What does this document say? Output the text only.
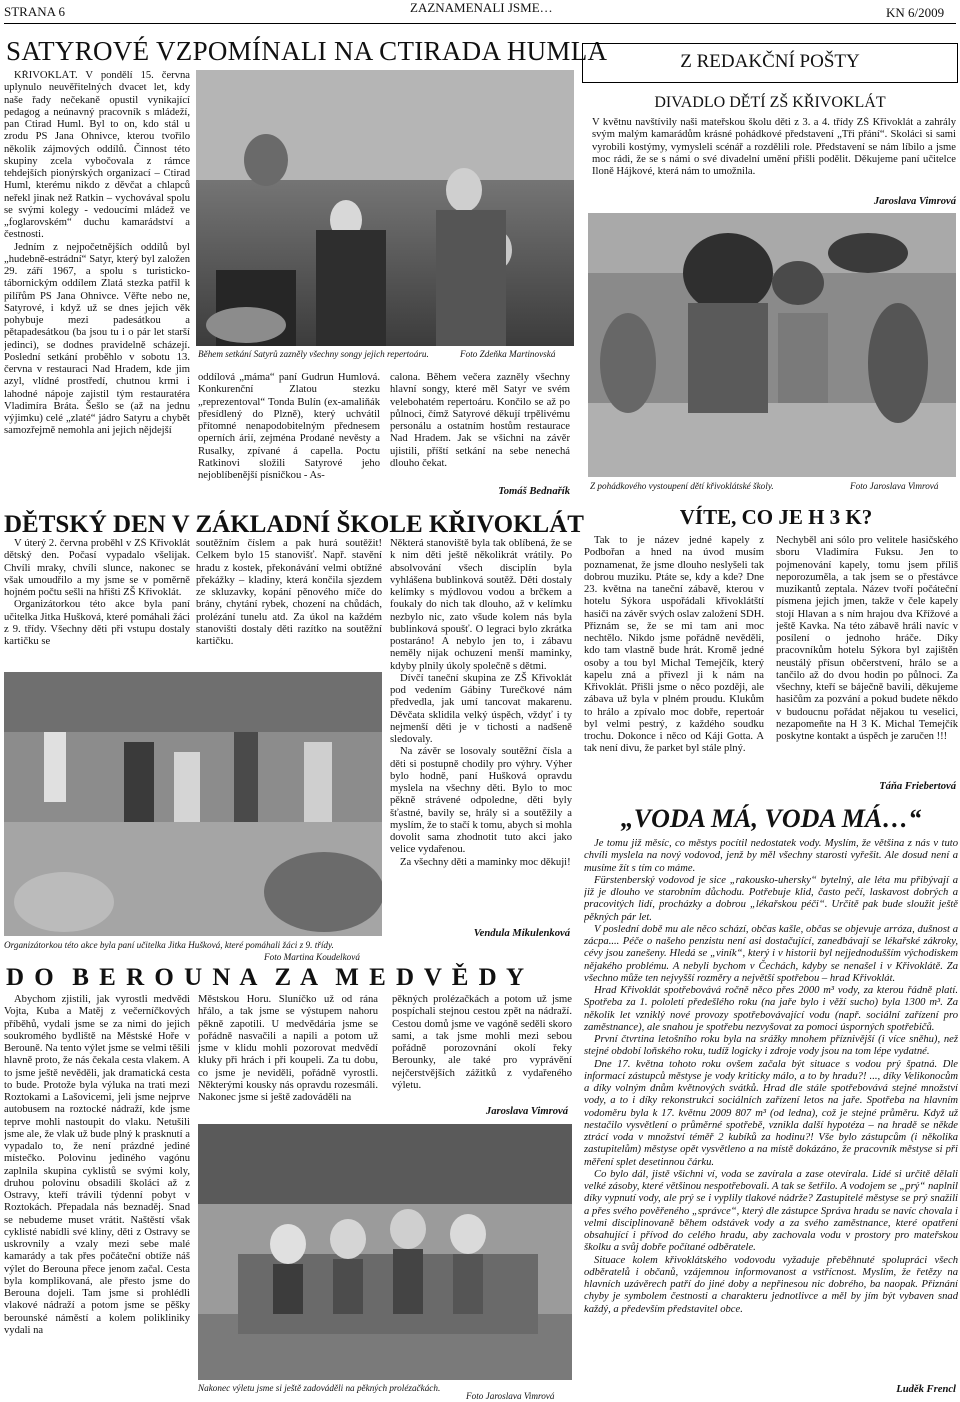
STRANA 6	ZAZNAMENALI JSME…	KN 6/2009
SATYROVÉ VZPOMÍNALI NA CTIRADA HUMLA

KŘIVOKLÁT. V pondělí 15. června uplynulo neuvěřitelných dvacet let, kdy naše řady nečekaně opustil vynikající pedagog a neúnavný pracovník s mládeží, pan Ctirad Huml. Byl to on, kdo stál u zrodu PS Jana Ohnivce, kterou tvořilo několik zájmových oddílů. Činnost této skupiny zcela vybočovala z rámce tehdejších pionýrských organizací – Ctirad Huml, kterému nikdo z děvčat a chlapců neřekl jinak než Ratkin – vychovával spolu se svými kolegy - vedoucími mládež ve „foglarovském“ duchu kamarádství a čestnosti.

Jedním z nejpočetnějších oddílů byl „hudebně-estrádní“ Satyr, který byl založen 29. září 1967, a spolu s turisticko-tábornickým oddílem Zlatá stezka patřil k pilířům PS Jana Ohnivce. Věřte nebo ne, Satyrové, i když už se dnes jejich věk pohybuje mezi padesátkou a pětapadesátkou (ba jsou tu i o pár let starší jedinci), se dodnes pravidelně scházejí. Poslední setkání proběhlo v sobotu 13. června v restauraci Nad Hradem, kde jim azyl, vlídné prostředí, chutnou krmi i lahodné nápoje zajistil tým restauratéra Vladimíra Bráta. Šešlo se (až na jednu výjimku) celé „zlaté“ jádro Satyru a chybět samozřejmě nemohla ani jejich nějdejší

Během setkání Satyrů zazněly všechny songy jejich repertoáru.	Foto Zdeňka Martinovská

oddílová „máma“ paní Gudrun Humlová. Konkurenční Zlatou stezku „reprezentoval“ Tonda Bulín (ex-amaliňák přesídlený do Plzně), který uchvátil přítomné nenapodobitelným přednesem operních árií, zejména Prodané nevěsty a Rusalky, zpívané á capella. Poctu Ratkinovi složili Satyrové jeho nejoblíbenější písničkou - As-

calona. Během večera zazněly všechny hlavní songy, které měl Satyr ve svém velebohatém repertoáru. Končilo se až po půlnoci, čímž Satyrové děkují trpělivému personálu a ostatním hostům restaurace Nad Hradem. Jak se všichni na závěr ujistili, příští setkání na sebe nenechá dlouho čekat.

Tomáš Bednařík
Z REDAKČNÍ POŠTY
DIVADLO DĚTÍ ZŠ KŘIVOKLÁT

V květnu navštívily naši mateřskou školu děti z 3. a 4. třídy ZŠ Křivoklát a zahrály svým malým kamarádům krásné pohádkové představení „Tři přání“. Skoláci si sami vyrobili kostýmy, vymysleli scénář a rozdělili role. Představení se nám líbilo a jsme moc rádi, že se s námi o své divadelní umění přišli podělit. Děkujeme paní učitelce Iloně Hájkové, která nám to umožnila.

Jaroslava Vimrová
Z pohádkového vystoupení dětí křivoklátské školy.	Foto Jaroslava Vimrová
DĚTSKÝ DEN V ZÁKLADNÍ ŠKOLE KŘIVOKLÁT

V úterý 2. června proběhl v ZŠ Křivoklát dětský den. Počasí vypadalo všelijak. Chvíli mraky, chvíli slunce, nakonec se však umoudřilo a my jsme se v poměrně hojném počtu sešli na hřišti ZŠ Křivoklát.

Organizátorkou této akce byla paní učitelka Jitka Hušková, které pomáhali žáci z 9. třídy. Všechny děti při vstupu dostaly kartičku se

soutěžním číslem a pak hurá soutěžit! Celkem bylo 15 stanovišť. Např. stavění hradu z kostek, překonávání velmi obtížné překážky – kladiny, která končila sjezdem ze skluzavky, kopání pěnového míče do brány, chytání rybek, chození na chůdách, prolézání tunelu atd. Za úkol na každém stanovišti dostaly děti razítko na soutěžní kartičku.

Některá stanoviště byla tak oblíbená, že se k nim děti ještě několikrát vrátily. Po absolvování všech disciplín byla vyhlášena bublinková soutěž. Děti dostaly kelímky s mýdlovou vodou a brčkem a foukaly do nich tak dlouho, až v kelímku nezbylo nic, zato všude kolem nás byla bublinková spoušť. O legraci bylo zkrátka postaráno! A nebylo jen to, i zábavu neměly nijak ochuzeni menší maminky, kdyby plnily úkoly společně s dětmi.

Dívčí taneční skupina ze ZŠ Křivoklát pod vedením Gábiny Turečkové nám předvedla, jak umí tancovat makarenu. Děvčata sklidila velký úspěch, vždyť i ty nejmenší děti je v tichosti a nadšeně sledovaly.

Na závěr se losovaly soutěžní čísla a děti si postupně chodily pro výhry. Výher bylo hodně, paní Hušková opravdu myslela na všechny děti. Bylo to moc pěkně strávené odpoledne, děti byly šťastné, bavily se, hrály si a soutěžily a myslím, že to stačí k tomu, abych si mohla dovolit sama zhodnotit tuto akci jako velice vydařenou.

Za všechny děti a maminky moc děkuji!

Vendula Mikulenková
Organizátorkou této akce byla paní učitelka Jitka Hušková, které pomáhali žáci z 9. třídy.
Foto Martina Koudelková
VÍTE, CO JE H 3 K?

Tak to je název jedné kapely z Podbořan a hned na úvod musím poznamenat, že jsme dlouho neslyšeli tak dobrou muziku. Ptáte se, kdy a kde? Dne 23. května na taneční zábavě, kterou v hotelu Sýkora uspořádali křivoklátští hasiči na závěr svých oslav založení SDH. Přiznám se, že se mi tam ani moc nechtělo. Nikdo jsme pořádně nevěděli, kdo tam vlastně bude hrát. Kromě jedné osoby a tou byl Michal Temejčík, který kapelu zná a přivezl ji k nám na Křivoklát. Přišli jsme o něco později, ale zábava už byla v plném proudu. Klukům to hrálo a zpívalo moc dobře, repertoár byl velmi pestrý, z každého soudku trochu. Dokonce i něco od Káji Gotta. A tak není divu, že parket byl stále plný.

Nechyběl ani sólo pro velitele hasičského sboru Vladimíra Fuksu. Jen to pojmenování kapely, tomu jsem příliš neporozuměla, a tak jsem se o přestávce muzikantů zeptala. Název tvoří počáteční písmena jejich jmen, takže v čele kapely stojí Hlavan a s ním hrajou dva Křížové a ještě Kavka. Na této zábavě hráli navíc v posílení o jednoho hráče. Díky pracovníkům hotelu Sýkora byl zajištěn neustálý přísun občerstvení, hrálo se a tančilo až do dvou hodin po půlnoci. Za všechny, kteří se báječně bavili, děkujeme hasičům za pozvání a pokud budete někdo v budoucnu pořádat nějakou tu veselici, nezapomeňte na H 3 K. Michal Temejčík poskytne kontakt a úspěch je zaručen !!!

Táňa Friebertová
„VODA MÁ, VODA MÁ…“

Je tomu již měsíc, co městys pocítil nedostatek vody. Myslím, že většina z nás v tuto chvíli myslela na nový vodovod, jenž by měl všechny starosti vyřešit. Ale dosud není a musíme žít s tím co máme.

Fürstenberský vodovod je sice „rakousko-uhersky“ bytelný, ale léta mu přibývají a již je dlouho ve starobním důchodu. Potřebuje klid, často pečí, laskavost dobrých a pracovitých lidí, procházky a dobrou „lékařskou péči“. Určitě pak bude sloužit ještě pěkných pár let.

V poslední době mu ale něco schází, občas kašle, občas se objevuje arróza, dušnost a zácpa.... Péče o našeho penzistu není asi dostačující, zanedbávají se lékařské zákroky, cévy jsou zanešeny. Hledá se „viník“, který i v historii byl nejjednodušším východiskem nějakého problému. A nebyli bychom v Čechách, kdyby se nenašel i v Křivoklátě. Za všechno může ten nejvyšší rozměry a největší spotřebou – hrad Křivoklát.

Hrad Křivoklát spotřebovává ročně něco přes 2000 m³ vody, za kterou řádně platí. Spotřeba za 1. pololetí předešlého roku (na jaře bylo i věží sucho) byla 1300 m³. Za několik let vzniklý nové provozy spotřebovávající vodu (např. sociální zařízení pro zaměstnance), ale snahou je spotřebu nezvyšovat za pomoci úsporných spotřebičů.

První čtvrtina letošního roku byla na srážky mnohem příznivější (i více sněhu), než stejné období loňského roku, tudíž logicky i zdroje vody jsou na tom lépe vydatné.

Dne 17. května tohoto roku ovšem začala být situace s vodou prý špatná. Dle informací zástupců městyse je vody kriticky málo, a to by hradu?! ..., díky Velikonocům a díky volným dnům květnových svátků. Hrad dle stále spotřebovává stejné množství vody, a to i díky rekonstrukci sociálních zařízení letos na jaře. Spotřeba na hlavním vodoměru byla k 17. květnu 2009 807 m³ (od ledna), což je stejné průměru. Když už nestačilo vysvětlení o průměrné spotřebě, vznikla další hypotéza – na hradě se někde ztrácí voda v množství téměř 2 kubíků za hodinu?! Vše bylo zástupcům (i několika zastupitelům) městyse opět vysvětleno a na místě dokázáno, že pracovník městyse si při měření splet desetinnou čárku.

Co bylo dál, jistě všichni ví, voda se zavírala a zase otevírala. Lidé si určitě dělali velké zásoby, které většinou nespotřebovali. A tak se šetřilo. A vodojem se „prý“ naplnil díky vypnutí vody, ale prý se i vyplily tlakové nádrže? Zastupitelé městyse se prý snažili a přes svého pověřeného „správce“, který dle zástupce Správa hradu se navíc chovala i velmi disciplinovaně během odstávek vody a za svého zaměstnance, které opatření obsahující i přívod do celého hradu, aby zachovala vodu v prostory pro mateřskou školku a svůj dobře počítané odběratele.

Situace kolem křivoklátského vodovodu vyžaduje přeběhnuté spolupráci všech odběratelů i občanů, vzájemnou informovanost a vstřícnost. Myslím, že řetězy na hlavních uzávěrech patří do jiné doby a nepřinesou nic dobrého, ba naopak. Přiznání chyby je symbolem čestnosti a charakteru jednotlivce a měl by jím být vybaven snad každý, a především představitel obce.

Luděk Frencl
D O  B E R O U N A  Z A  M E D V Ě D Y

Abychom zjistili, jak vyrostli medvědi Vojta, Kuba a Matěj z večerníčkových příběhů, vydali jsme se za nimi do jejich soukromého bydliště na Městské Hoře v Berouně. Na tento výlet jsme se velmi těšili hlavně proto, že nás čekala cesta vlakem. A to jsme ještě nevěděli, jak dramatická cesta to bude. Protože byla výluka na trati mezi Roztokami a Lašovicemi, jeli jsme nejprve autobusem na roztocké nádraží, kde jsme teprve mohli nastoupit do vlaku. Netušili jsme ale, že vlak už bude plný k prasknutí a vypadalo to, že není prázdné jediné místečko. Polovinu jediného vagónu zaplnila skupina cyklistů se svými koly, druhou polovinu obsadili školáci až z Ostravy, kteří trávili týdenní pobyt v Roztokách. Přepadala nás beznaděj. Snad se nebudeme muset vrátit. Naštěstí však cyklisté nabídli své kliny, děti z Ostravy se uskrovnily a vzaly mezi sebe malé kamarády a tak přes počáteční obtíže náš výlet do Berouna přece jenom začal. Cesta byla komplikovaná, ale přesto jsme do Berouna dojeli. Tam jsme si prohlédli vlakové nádraží a potom jsme se pěšky berounské náměstí a kolem polikliniky vydali na

Městskou Horu. Sluníčko už od rána hřálo, a tak jsme se výstupem nahoru pěkně zapotili. U medvědária jsme se pořádně nasvačili a napili a potom už jsme v klidu mohli pozorovat medvědí kluky při hrách i při koupeli. Za tu dobu, co jsme je neviděli, pořádně vyrostli. Některými kousky nás opravdu rozesmáli. Nakonec jsme si ještě zadováděli na

pěkných prolézačkách a potom už jsme pospíchali stejnou cestou zpět na nádraží. Cestou domů jsme ve vagóně seděli skoro sami, a tak jsme mohli mezi sebou pořádně porozovnání okolí řeky Berounky, ale také pro vyprávění nejčerstvějších zážitků z vydařeného výletu.

Jaroslava Vimrová
Nakonec výletu jsme si ještě zadováděli na pěkných prolézačkách.
Foto Jaroslava Vimrová
